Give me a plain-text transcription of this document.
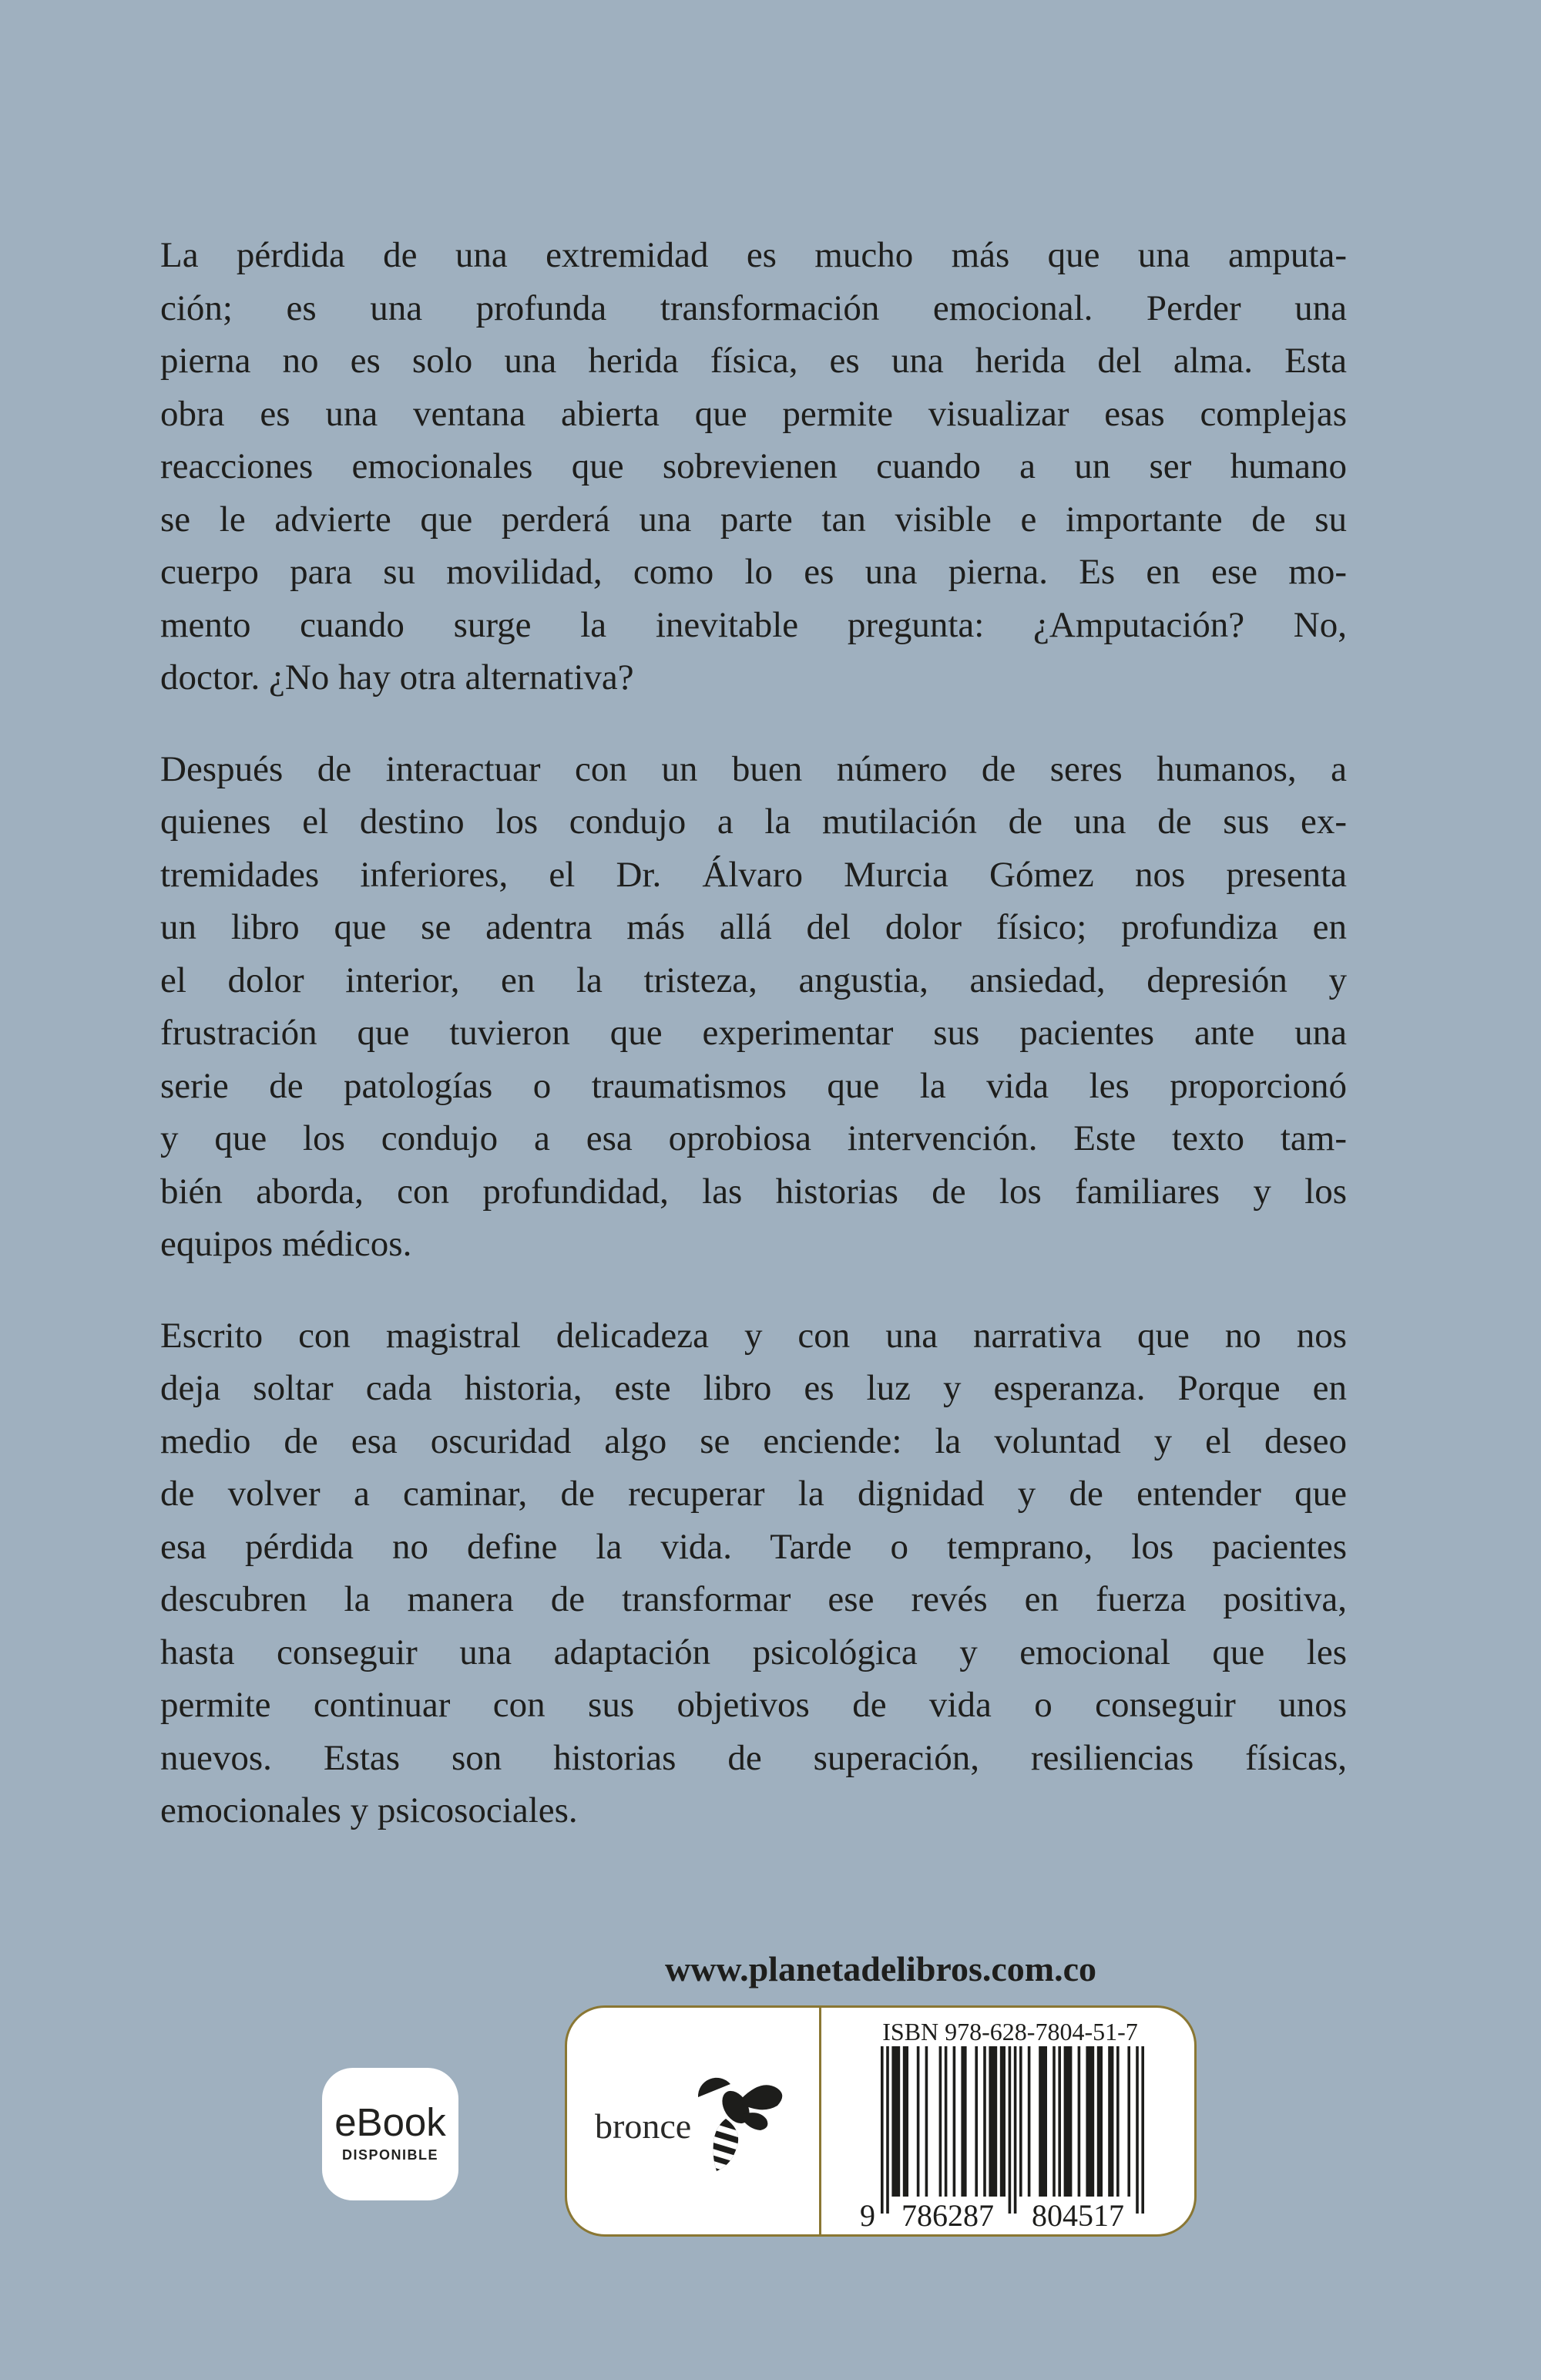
La pérdida de una extremidad es mucho más que una amputa-
ción; es una profunda transformación emocional. Perder una
pierna no es solo una herida física, es una herida del alma. Esta
obra es una ventana abierta que permite visualizar esas complejas
reacciones emocionales que sobrevienen cuando a un ser humano
se le advierte que perderá una parte tan visible e importante de su
cuerpo para su movilidad, como lo es una pierna. Es en ese mo-
mento cuando surge la inevitable pregunta: ¿Amputación? No,
doctor. ¿No hay otra alternativa?
Después de interactuar con un buen número de seres humanos, a
quienes el destino los condujo a la mutilación de una de sus ex-
tremidades inferiores, el Dr. Álvaro Murcia Gómez nos presenta
un libro que se adentra más allá del dolor físico; profundiza en
el dolor interior, en la tristeza, angustia, ansiedad, depresión y
frustración que tuvieron que experimentar sus pacientes ante una
serie de patologías o traumatismos que la vida les proporcionó
y que los condujo a esa oprobiosa intervención. Este texto tam-
bién aborda, con profundidad, las historias de los familiares y los
equipos médicos.
Escrito con magistral delicadeza y con una narrativa que no nos
deja soltar cada historia, este libro es luz y esperanza. Porque en
medio de esa oscuridad algo se enciende: la voluntad y el deseo
de volver a caminar, de recuperar la dignidad y de entender que
esa pérdida no define la vida. Tarde o temprano, los pacientes
descubren la manera de transformar ese revés en fuerza positiva,
hasta conseguir una adaptación psicológica y emocional que les
permite continuar con sus objetivos de vida o conseguir unos
nuevos. Estas son historias de superación, resiliencias físicas,
emocionales y psicosociales.
www.planetadelibros.com.co
eBook
DISPONIBLE
bronce
ISBN 978-628-7804-51-7
9 786287 804517
